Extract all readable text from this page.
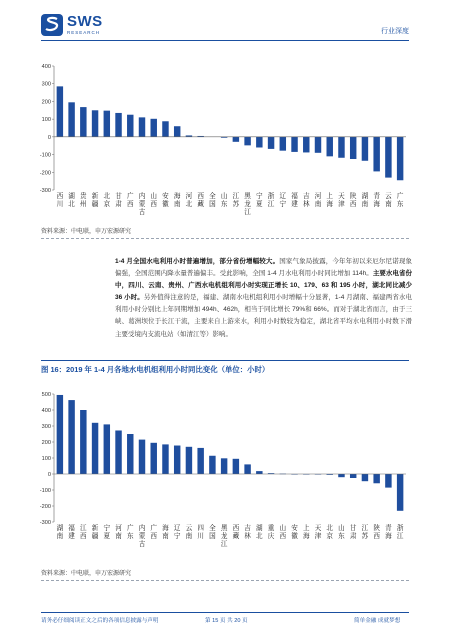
SWS
RESEARCH	行业深度
-300
-200
-100
0
100
200
300
400
西
川
湖
北
贵
州
新
疆
北
京
甘
肃
广
西
内
蒙
古
山
西
安
徽
海
南
河
北
西
藏
全
国
山
东
江
苏
黑
龙
江
宁
夏
浙
江
辽
宁
福
建
吉
林
河
南
上
海
天
津
陕
西
湖
南
青
海
云
南
广
东
资料来源：中电联，申万宏源研究
1-4 月全国水电利用小时普遍增加，部分省份增幅较大。国家气象局披露，今年年初以来厄尔尼诺现象偏强，全国范围内降水量普遍偏丰。受此影响，全国 1-4 月水电利用小时同比增加 114h。主要水电省份中，四川、云南、贵州、广西水电机组利用小时实现正增长 10、179、63 和 195 小时，湖北同比减少 36 小时。另外值得注意的是，福建、湖南水电机组利用小时增幅十分显著，1-4 月湖南、福建两省水电利用小时分别比上年同期增加 494h、462h，相当于同比增长 79%和 66%。而对于湖北省而言，由于三峡、葛洲坝位于长江干流，主要来自上游来水，利用小时数较为稳定，湖北省平均水电利用小时数下滑主要受境内支流电站（如清江等）影响。
图 16：2019 年 1-4 月各地水电机组利用小时同比变化（单位：小时）
-300
-200
-100
0
100
200
300
400
500
湖
南
福
建
江
西
新
疆
宁
夏
河
南
广
东
内
蒙
古
广
西
海
南
辽
宁
云
南
四
川
全
国
黑
龙
江
西
藏
吉
林
湖
北
重
庆
山
西
安
徽
上
海
天
津
北
京
山
东
甘
肃
江
苏
陕
西
青
海
浙
江
资料来源：中电联，申万宏源研究
请务必仔细阅读正文之后的各项信息披露与声明	第 15 页 共 20 页	简单金融 成就梦想
